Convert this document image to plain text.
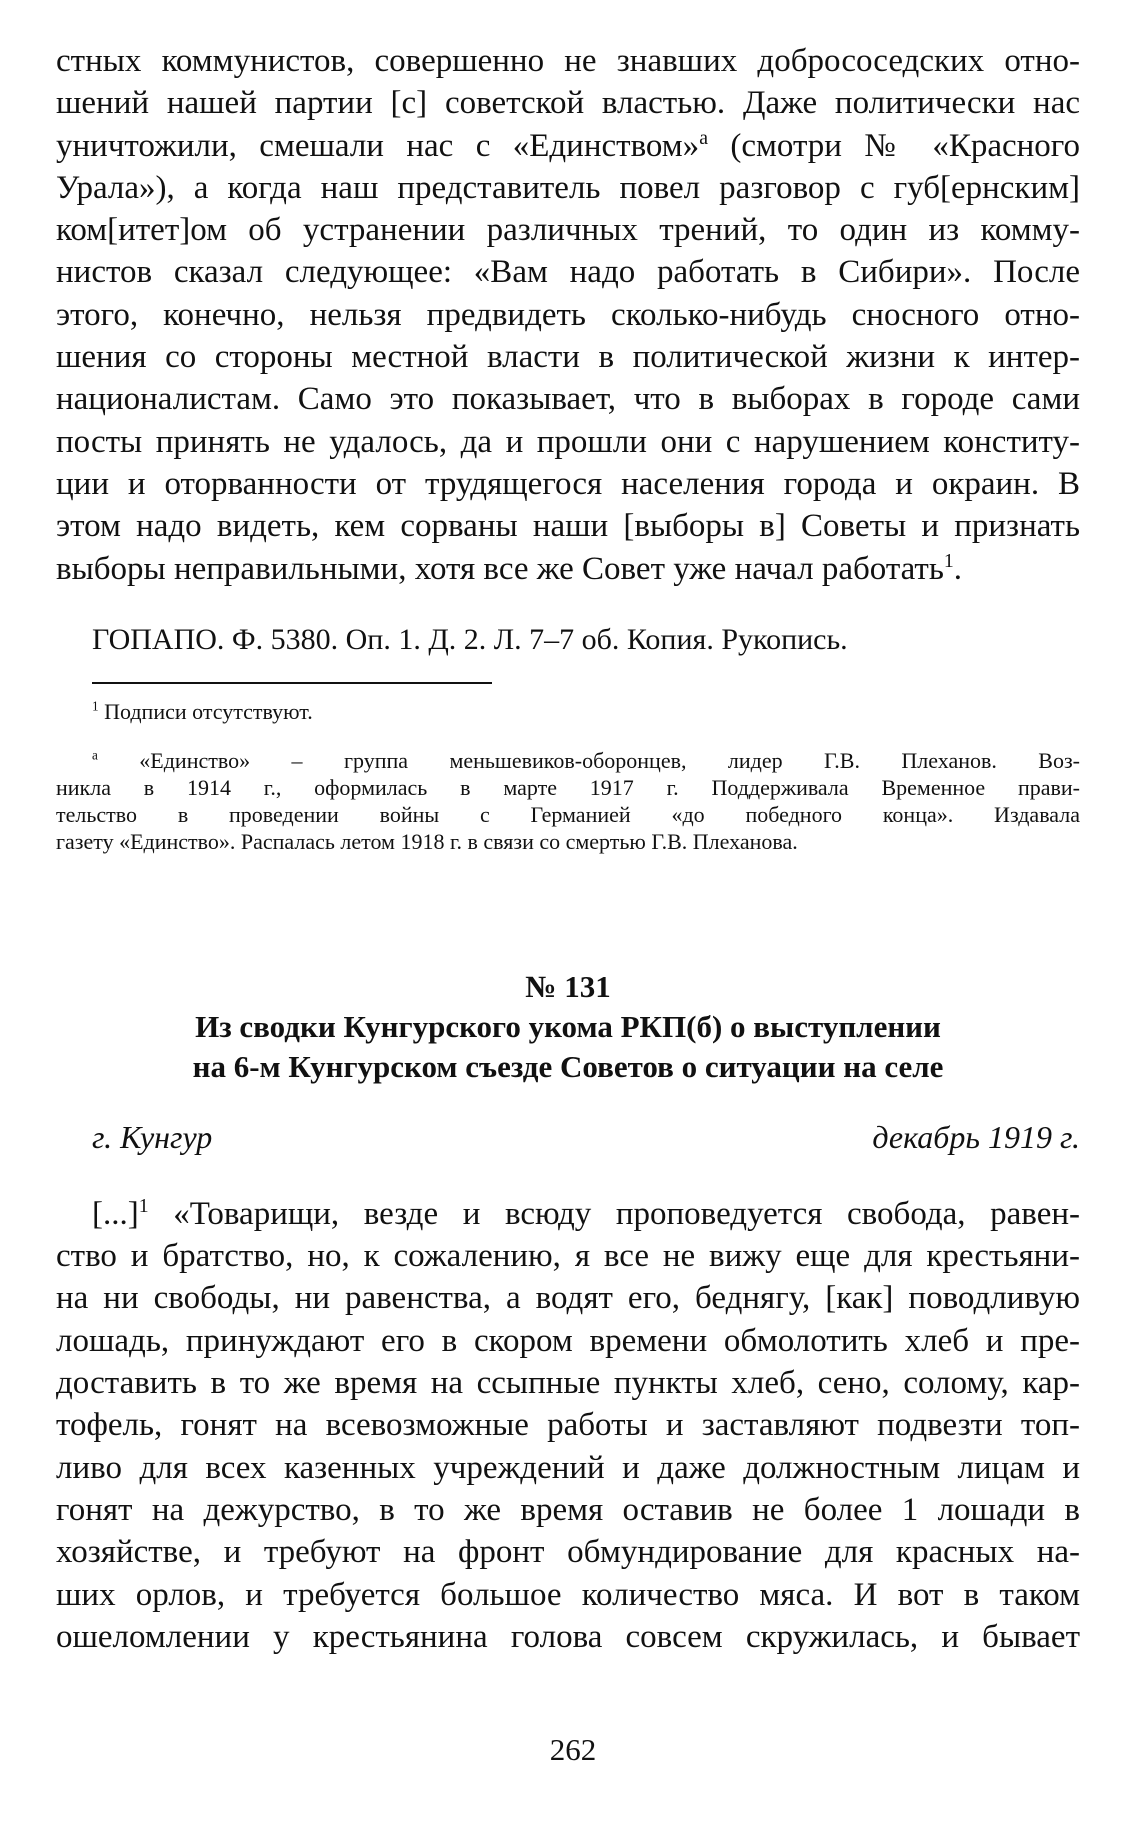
стных коммунистов, совершенно не знавших добрососедских отно-
шений нашей партии [с] советской властью. Даже политически нас
уничтожили, смешали нас с «Единством»$^а$ (смотри № «Красного
Урала»), а когда наш представитель повел разговор с губ[ернским]
ком[итет]ом об устранении различных трений, то один из комму-
нистов сказал следующее: «Вам надо работать в Сибири». После
этого, конечно, нельзя предвидеть сколько-нибудь сносного отно-
шения со стороны местной власти в политической жизни к интер-
националистам. Само это показывает, что в выборах в городе сами
посты принять не удалось, да и прошли они с нарушением конститу-
ции и оторванности от трудящегося населения города и окраин. В
этом надо видеть, кем сорваны наши [выборы в] Советы и признать
выборы неправильными, хотя все же Совет уже начал работать$^1$.
ГОПАПО. Ф. 5380. Оп. 1. Д. 2. Л. 7–7 об. Копия. Рукопись.
$^1$ Подписи отсутствуют.
$^а$ «Единство» – группа меньшевиков-оборонцев, лидер Г.В. Плеханов. Воз-
никла в 1914 г., оформилась в марте 1917 г. Поддерживала Временное прави-
тельство в проведении войны с Германией «до победного конца». Издавала
газету «Единство». Распалась летом 1918 г. в связи со смертью Г.В. Плеханова.
№ 131
Из сводки Кунгурского укома РКП(б) о выступлении
на 6-м Кунгурском съезде Советов о ситуации на селе
г. Кунгур	декабрь 1919 г.
[...]$^1$ «Товарищи, везде и всюду проповедуется свобода, равен-
ство и братство, но, к сожалению, я все не вижу еще для крестьяни-
на ни свободы, ни равенства, а водят его, беднягу, [как] поводливую
лошадь, принуждают его в скором времени обмолотить хлеб и пре-
доставить в то же время на ссыпные пункты хлеб, сено, солому, кар-
тофель, гонят на всевозможные работы и заставляют подвезти топ-
ливо для всех казенных учреждений и даже должностным лицам и
гонят на дежурство, в то же время оставив не более 1 лошади в
хозяйстве, и требуют на фронт обмундирование для красных на-
ших орлов, и требуется большое количество мяса. И вот в таком
ошеломлении у крестьянина голова совсем скружилась, и бывает
262
